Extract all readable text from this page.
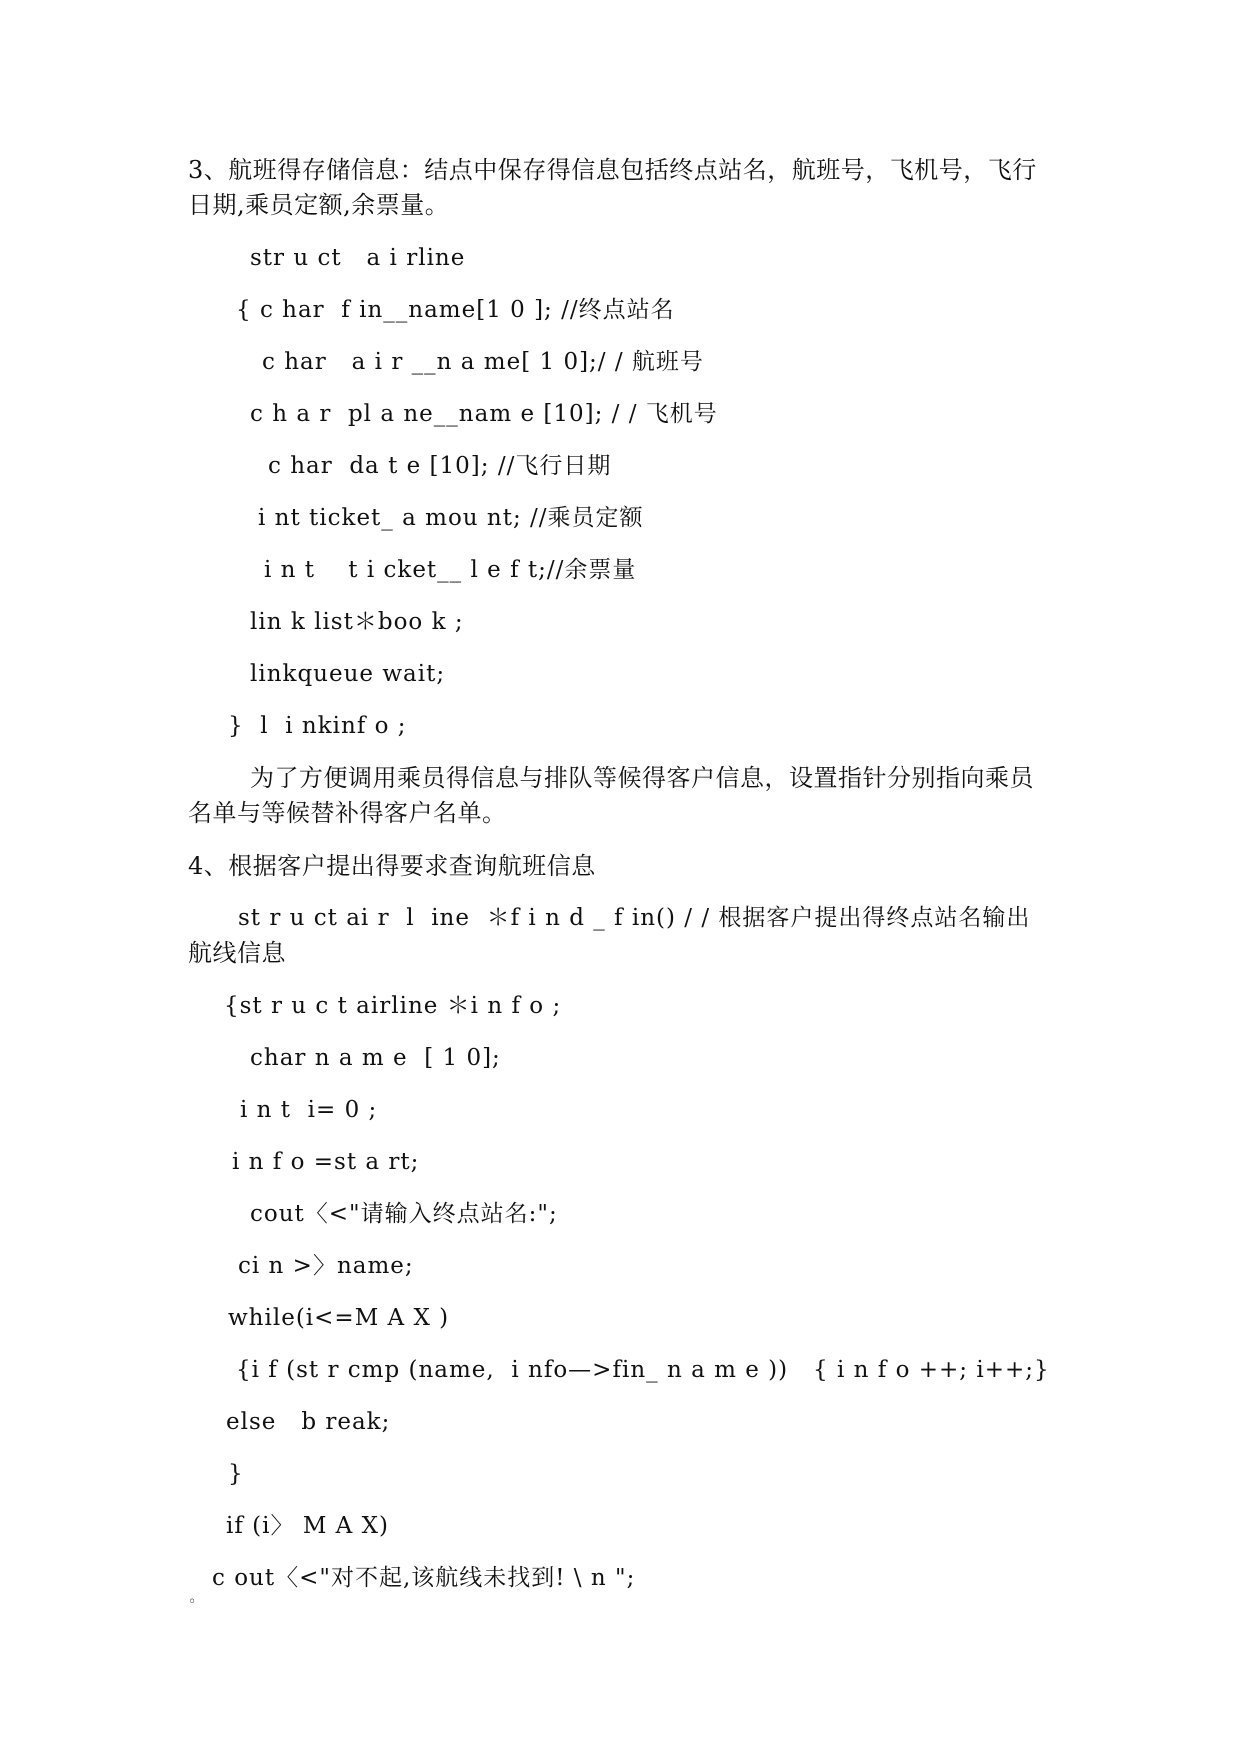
3、航班得存储信息：结点中保存得信息包括终点站名，航班号，飞机号，飞行
日期,乘员定额,余票量。
str u ct   a i rline
{ c har  f in__name[1 0 ]; //终点站名
c har   a i r __n a me[ 1 0];/ / 航班号
c h a r  pl a ne__nam e [10]; / / 飞机号
c har  da t e [10]; //飞行日期
i nt ticket_ a mou nt; //乘员定额
i n t    t i cket__ l e f t;//余票量
lin k list＊boo k ;
linkqueue wait;
}  l  i nkinf o ;
为了方便调用乘员得信息与排队等候得客户信息，设置指针分别指向乘员
名单与等候替补得客户名单。
4、根据客户提出得要求查询航班信息
st r u ct ai r  l  ine  ＊f i n d _ f in() / / 根据客户提出得终点站名输出
航线信息
{st r u c t airline ＊i n f o ;
char n a m e  [ 1 0];
i n t  i= 0 ;
i n f o =st a rt;
cout〈<"请输入终点站名:";
ci n >〉name;
while(i<=M A X )
{i f (st r cmp (name,  i nfo—>fin_ n a m e ))   { i n f o ++; i++;}
else   b reak;
}
if (i〉 M A X)
◦
c out〈<"对不起,该航线未找到! \ n ";
